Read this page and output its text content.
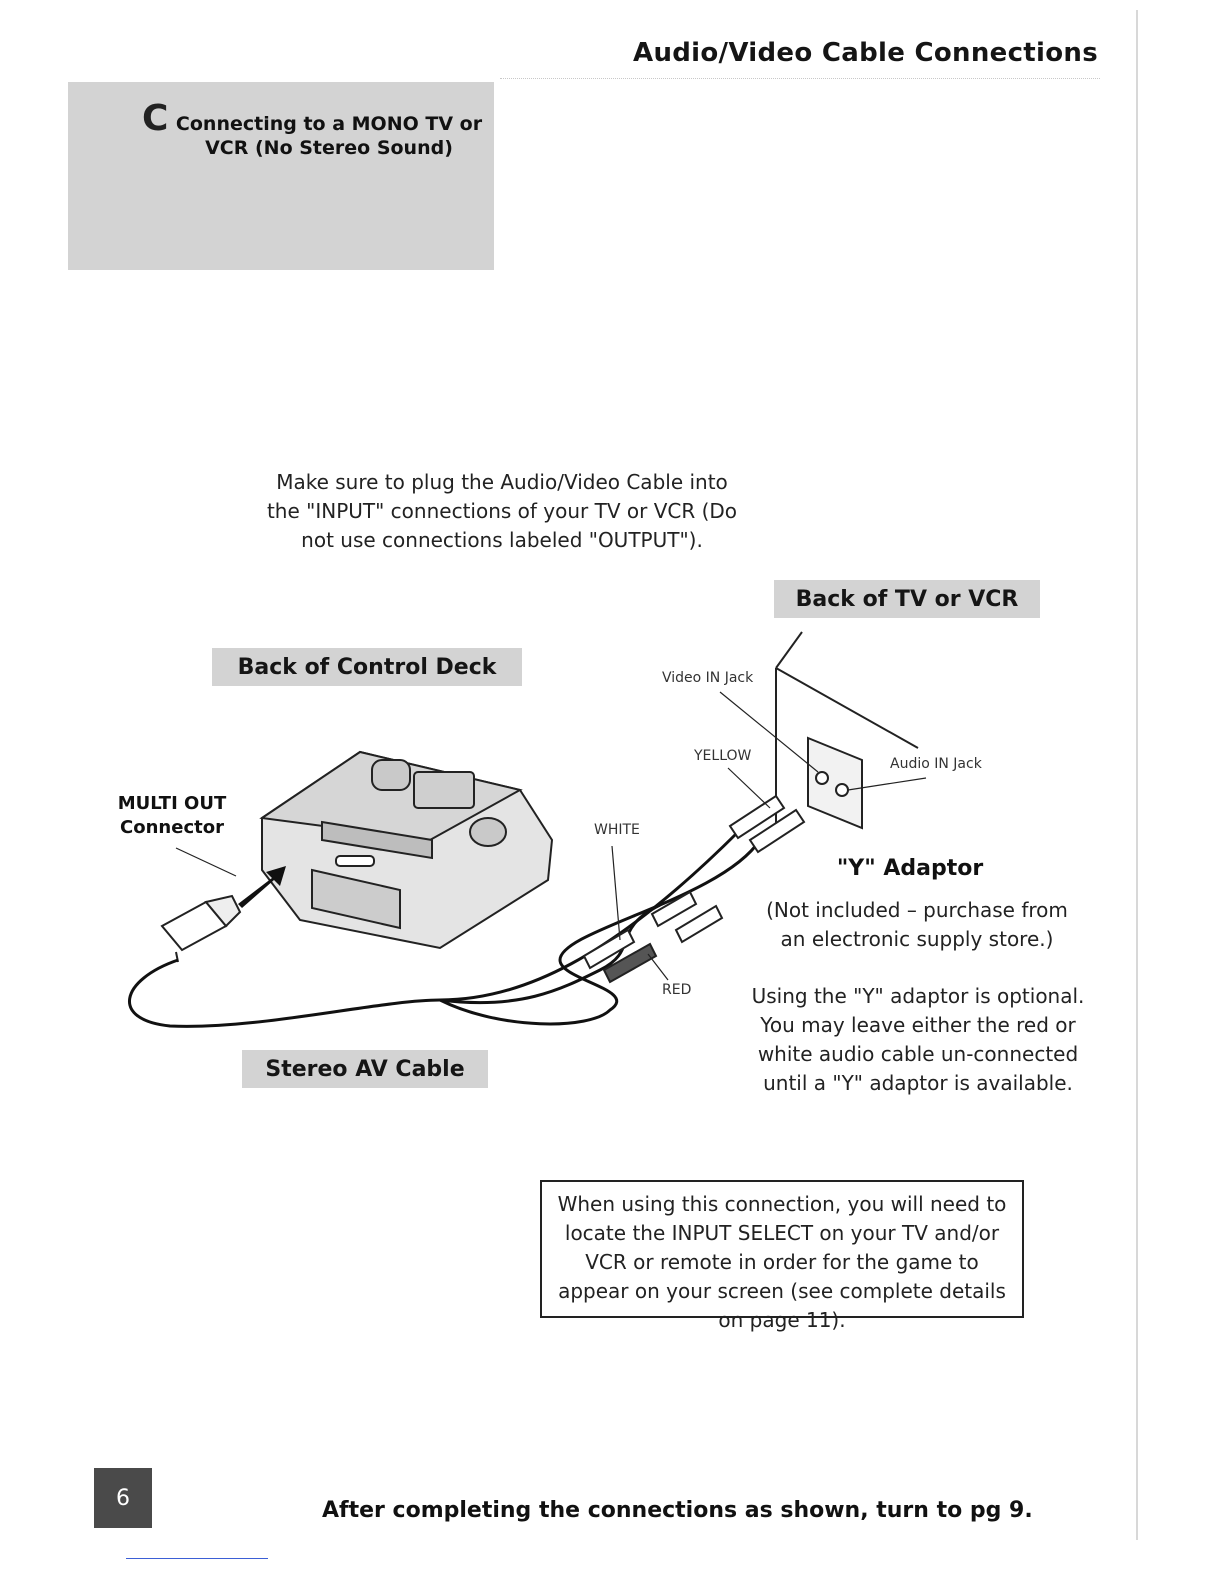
Audio/Video Cable Connections
C Connecting to a MONO TV or VCR (No Stereo Sound)
Make sure to plug the Audio/Video Cable into the "INPUT" connections of your TV or VCR (Do not use connections labeled "OUTPUT").
Back of TV or VCR
Back of Control Deck
Stereo AV Cable
MULTI OUT Connector
Video IN Jack
Audio IN Jack
YELLOW
WHITE
RED
"Y" Adaptor
(Not included – purchase from an electronic supply store.)
Using the "Y" adaptor is optional. You may leave either the red or white audio cable un-connected until a "Y" adaptor is available.
When using this connection, you will need to locate the INPUT SELECT on your TV and/or VCR or remote in order for the game to appear on your screen (see complete details on page 11).
6	After completing the connections as shown, turn to pg 9.
